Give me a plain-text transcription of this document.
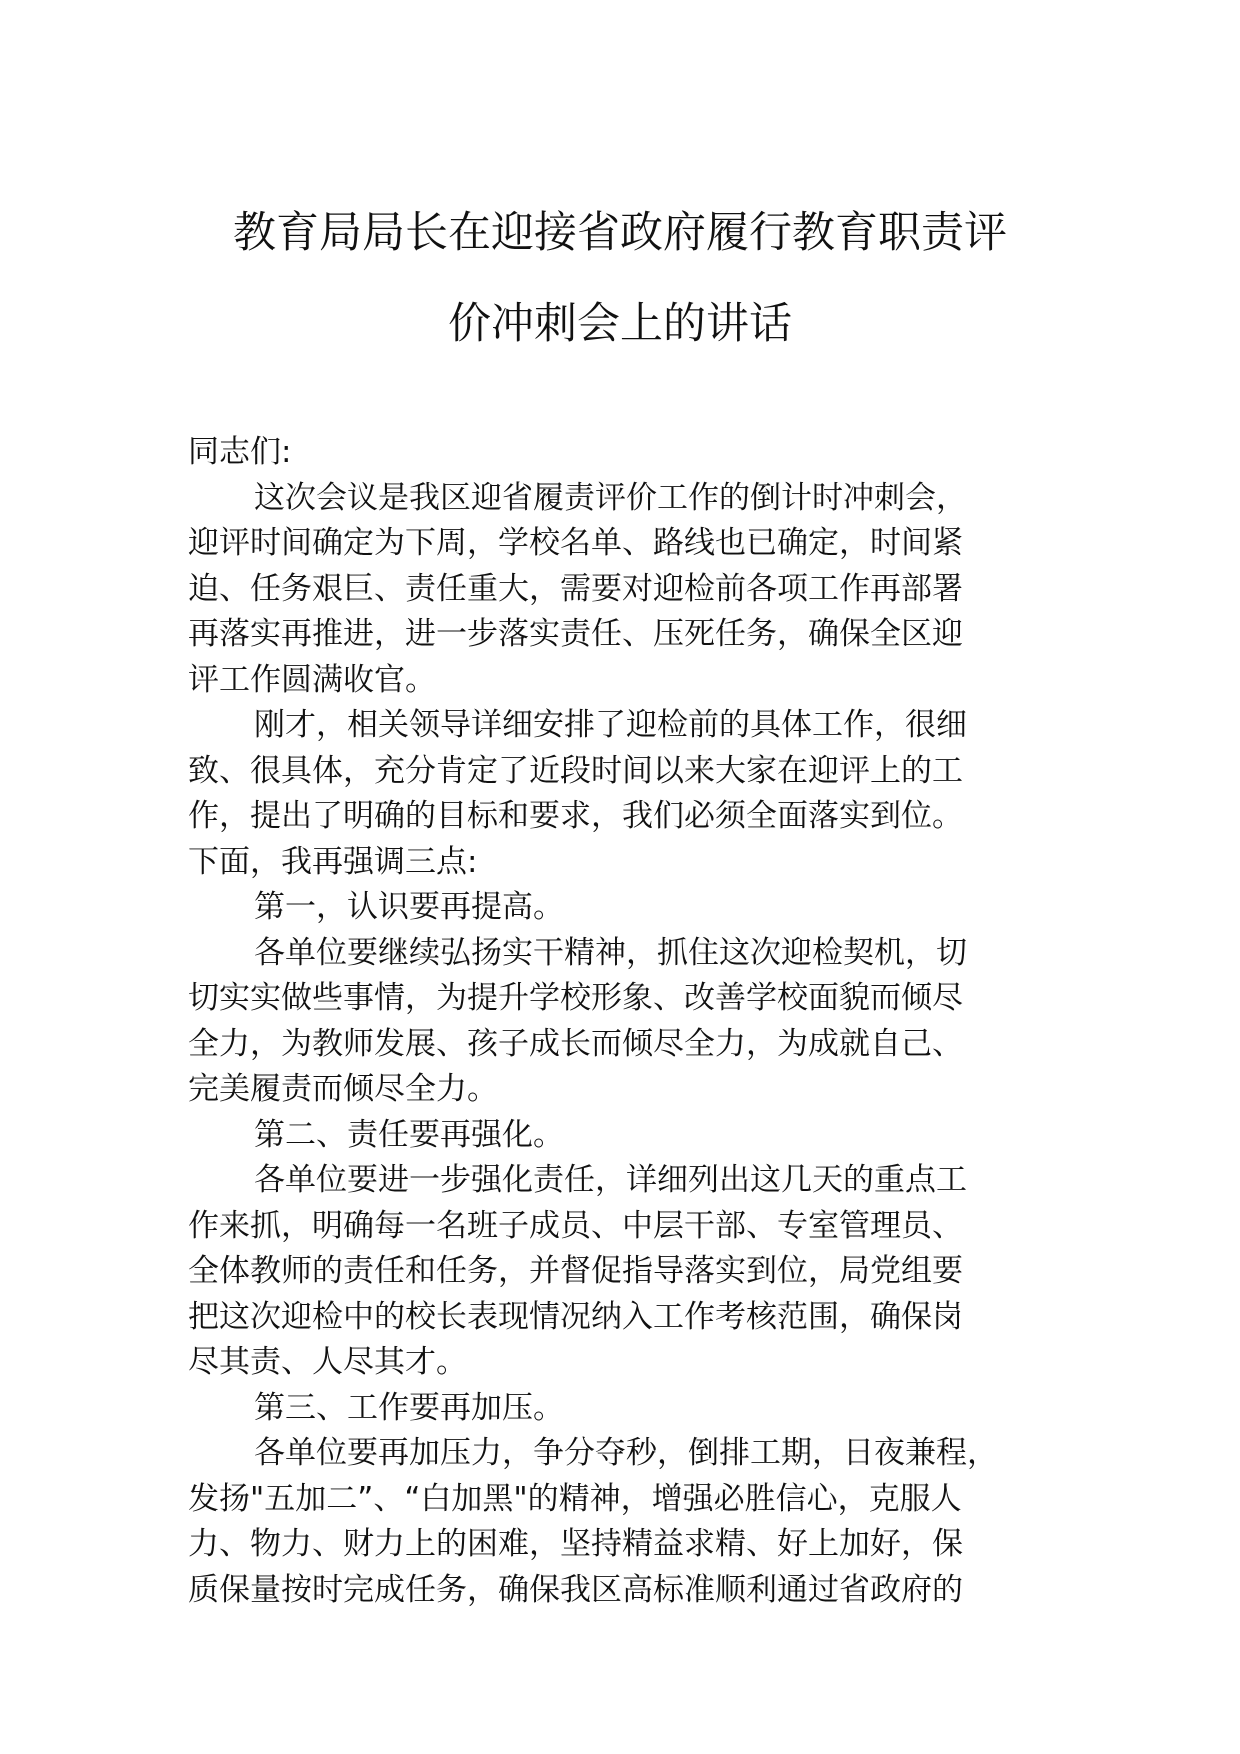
教育局局长在迎接省政府履行教育职责评
价冲刺会上的讲话
同志们:
这次会议是我区迎省履责评价工作的倒计时冲刺会，
迎评时间确定为下周，学校名单、路线也已确定，时间紧
迫、任务艰巨、责任重大，需要对迎检前各项工作再部署
再落实再推进，进一步落实责任、压死任务，确保全区迎
评工作圆满收官。
刚才，相关领导详细安排了迎检前的具体工作，很细
致、很具体，充分肯定了近段时间以来大家在迎评上的工
作，提出了明确的目标和要求，我们必须全面落实到位。
下面，我再强调三点:
第一，认识要再提高。
各单位要继续弘扬实干精神，抓住这次迎检契机，切
切实实做些事情，为提升学校形象、改善学校面貌而倾尽
全力，为教师发展、孩子成长而倾尽全力，为成就自己、
完美履责而倾尽全力。
第二、责任要再强化。
各单位要进一步强化责任，详细列出这几天的重点工
作来抓，明确每一名班子成员、中层干部、专室管理员、
全体教师的责任和任务，并督促指导落实到位，局党组要
把这次迎检中的校长表现情况纳入工作考核范围，确保岗
尽其责、人尽其才。
第三、工作要再加压。
各单位要再加压力，争分夺秒，倒排工期，日夜兼程，
发扬"五加二”、“白加黑"的精神，增强必胜信心，克服人
力、物力、财力上的困难，坚持精益求精、好上加好，保
质保量按时完成任务，确保我区高标准顺利通过省政府的
